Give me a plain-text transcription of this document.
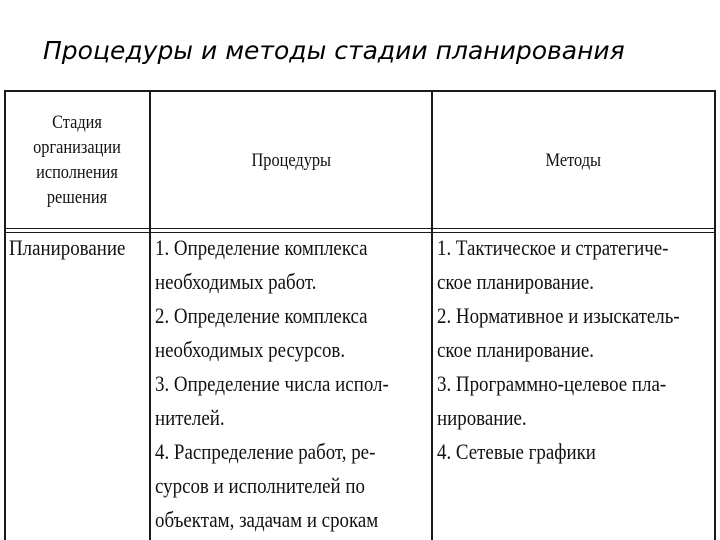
Процедуры и методы стадии планирования
Стадия
организации
исполнения
решения
Процедуры	Методы
Планирование 1. Определение комплекса
необходимых работ.
2. Определение комплекса
необходимых ресурсов.
3. Определение числа испол-
нителей.
4. Распределение работ, ре-
сурсов и исполнителей по
объектам, задачам и срокам
1. Тактическое и стратегиче-
ское планирование.
2. Нормативное и изыскатель-
ское планирование.
3. Программно-целевое пла-
нирование.
4. Сетевые графики
